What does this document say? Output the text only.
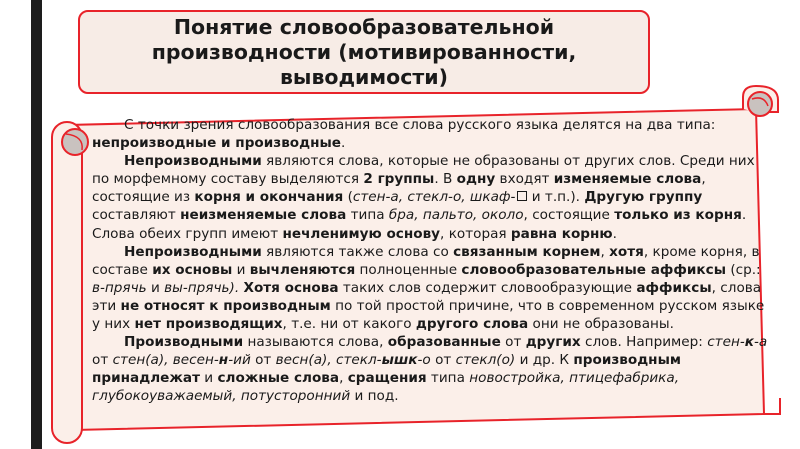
Понятие словообразовательной
производности (мотивированности,
выводимости)

С точки зрения словообразования все слова русского языка делятся на два типа: непроизводные и производные.

Непроизводными являются слова, которые не образованы от других слов. Среди них по морфемному составу выделяются 2 группы. В одну входят изменяемые слова, состоящие из корня и окончания (стен-а, стекл-о, шкаф- и т.п.). Другую группу составляют неизменяемые слова типа бра, пальто, около, состоящие только из корня. Слова обеих групп имеют нечленимую основу, которая равна корню.

Непроизводными являются также слова со связанным корнем, хотя, кроме корня, в составе их основы и вычленяются полноценные словообразовательные аффиксы (ср.: в-прячь и вы-прячь). Хотя основа таких слов содержит словообразующие аффиксы, слова эти не относят к производным по той простой причине, что в современном русском языке у них нет производящих, т.е. ни от какого другого слова они не образованы.

Производными называются слова, образованные от других слов. Например: стен-к-а от стен(а), весен-н-ий от весн(а), стекл-ышк-о от стекл(о) и др. К производным принадлежат и сложные слова, сращения типа новостройка, птицефабрика, глубокоуважаемый, потусторонний и под.
